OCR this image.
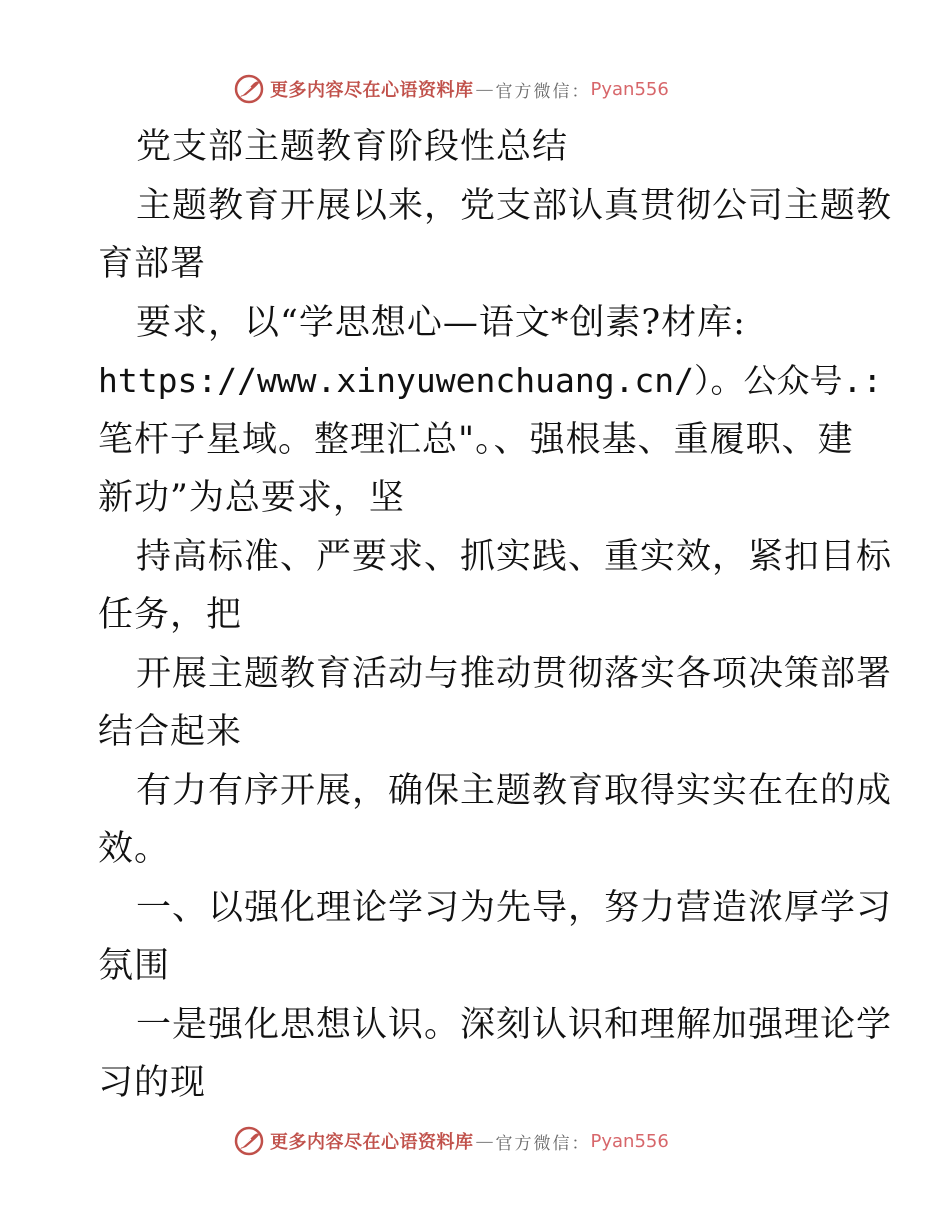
更多内容尽在心语资料库 — 官方微信： Pyan556
党支部主题教育阶段性总结
主题教育开展以来，党支部认真贯彻公司主题教
育部署
要求，以“学思想心—语文*创素?材库:
https://www.xinyuwenchuang.cn/）。公众号.:
笔杆子星域。整理汇总"。、强根基、重履职、建
新功”为总要求，坚
持高标准、严要求、抓实践、重实效，紧扣目标
任务，把
开展主题教育活动与推动贯彻落实各项决策部署
结合起来
有力有序开展，确保主题教育取得实实在在的成
效。
一、以强化理论学习为先导，努力营造浓厚学习
氛围
一是强化思想认识。深刻认识和理解加强理论学
习的现
更多内容尽在心语资料库 — 官方微信： Pyan556
